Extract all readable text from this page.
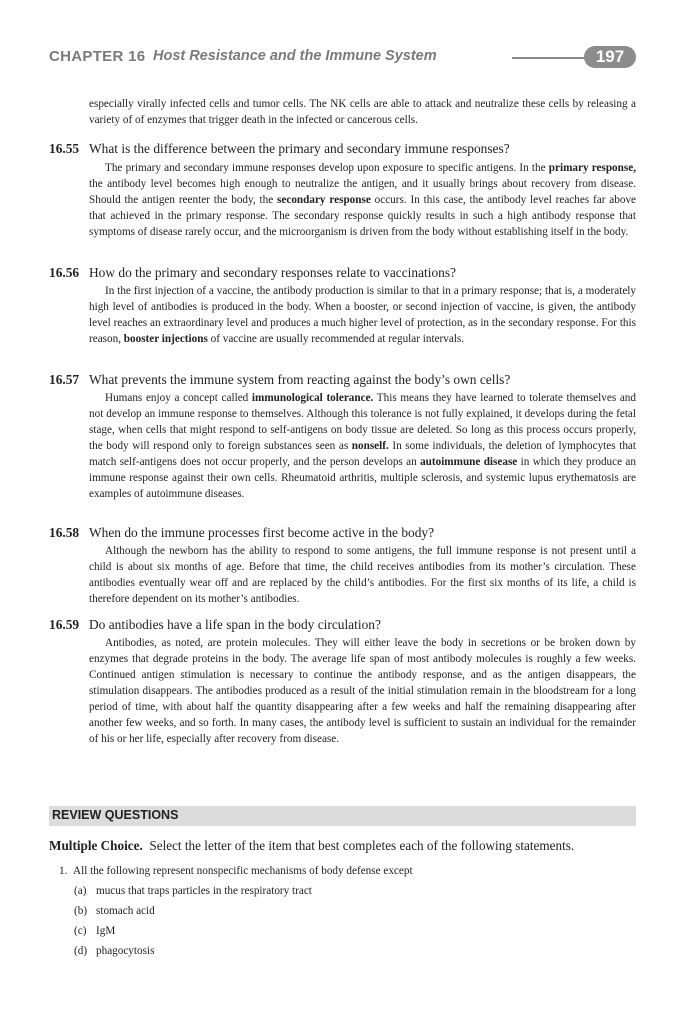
CHAPTER 16 Host Resistance and the Immune System	197

especially virally infected cells and tumor cells. The NK cells are able to attack and neutralize these cells by releasing a variety of of enzymes that trigger death in the infected or cancerous cells.

16.55 What is the difference between the primary and secondary immune responses?

The primary and secondary immune responses develop upon exposure to specific antigens. In the primary response, the antibody level becomes high enough to neutralize the antigen, and it usually brings about recovery from disease. Should the antigen reenter the body, the secondary response occurs. In this case, the antibody level reaches far above that achieved in the primary response. The secondary response quickly results in such a high antibody response that symptoms of disease rarely occur, and the microorganism is driven from the body without establishing itself in the body.

16.56 How do the primary and secondary responses relate to vaccinations?

In the first injection of a vaccine, the antibody production is similar to that in a primary response; that is, a moderately high level of antibodies is produced in the body. When a booster, or second injection of vaccine, is given, the antibody level reaches an extraordinary level and produces a much higher level of protection, as in the secondary response. For this reason, booster injections of vaccine are usually recommended at regular intervals.

16.57 What prevents the immune system from reacting against the body’s own cells?

Humans enjoy a concept called immunological tolerance. This means they have learned to tolerate themselves and not develop an immune response to themselves. Although this tolerance is not fully explained, it develops during the fetal stage, when cells that might respond to self-antigens on body tissue are deleted. So long as this process occurs properly, the body will respond only to foreign substances seen as nonself. In some individuals, the deletion of lymphocytes that match self-antigens does not occur properly, and the person develops an autoimmune disease in which they produce an immune response against their own cells. Rheumatoid arthritis, multiple sclerosis, and systemic lupus erythematosis are examples of autoimmune diseases.

16.58 When do the immune processes first become active in the body?

Although the newborn has the ability to respond to some antigens, the full immune response is not present until a child is about six months of age. Before that time, the child receives antibodies from its mother’s circulation. These antibodies eventually wear off and are replaced by the child’s antibodies. For the first six months of its life, a child is therefore dependent on its mother’s antibodies.

16.59 Do antibodies have a life span in the body circulation?

Antibodies, as noted, are protein molecules. They will either leave the body in secretions or be broken down by enzymes that degrade proteins in the body. The average life span of most antibody molecules is roughly a few weeks. Continued antigen stimulation is necessary to continue the antibody response, and as the antigen disappears, the stimulation disappears. The antibodies produced as a result of the initial stimulation remain in the bloodstream for a long period of time, with about half the quantity disappearing after a few weeks and half the remaining disappearing after another few weeks, and so forth. In many cases, the antibody level is sufficient to sustain an individual for the remainder of his or her life, especially after recovery from disease.

REVIEW QUESTIONS
Multiple Choice. Select the letter of the item that best completes each of the following statements.
1. All the following represent nonspecific mechanisms of body defense except
(a) mucus that traps particles in the respiratory tract
(b) stomach acid
(c) IgM
(d) phagocytosis
